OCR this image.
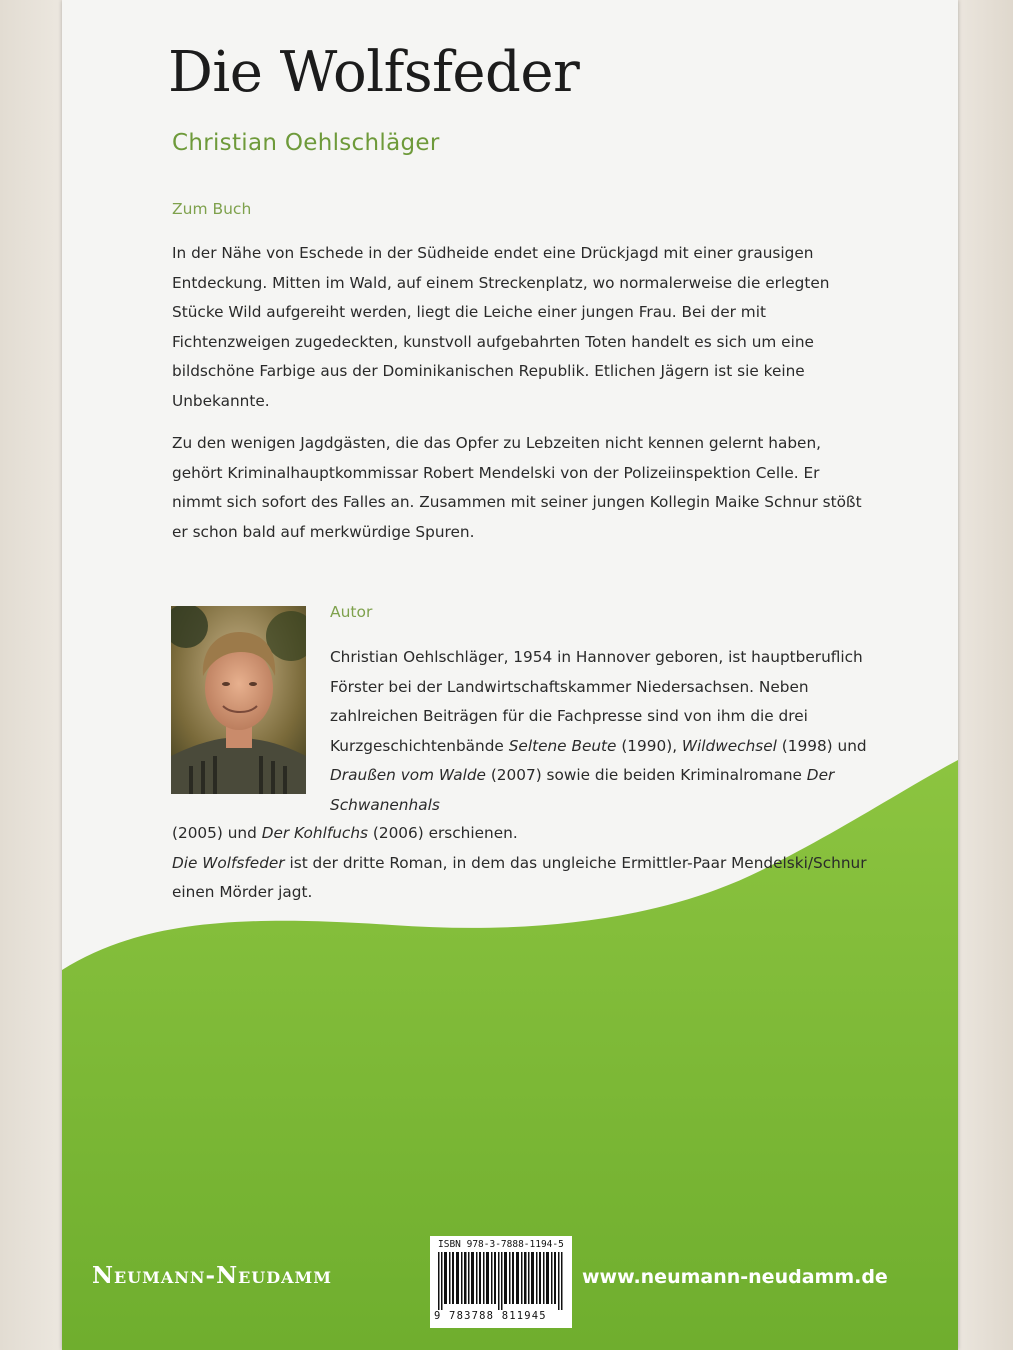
Die Wolfsfeder
Christian Oehlschläger
Zum Buch

In der Nähe von Eschede in der Südheide endet eine Drückjagd mit einer grausigen Entdeckung. Mitten im Wald, auf einem Streckenplatz, wo normalerweise die erlegten Stücke Wild aufgereiht werden, liegt die Leiche einer jungen Frau. Bei der mit Fichtenzweigen zugedeckten, kunstvoll aufgebahrten Toten handelt es sich um eine bildschöne Farbige aus der Dominikanischen Republik. Etlichen Jägern ist sie keine Unbekannte.

Zu den wenigen Jagdgästen, die das Opfer zu Lebzeiten nicht kennen gelernt haben, gehört Kriminalhauptkommissar Robert Mendelski von der Polizeiinspektion Celle. Er nimmt sich sofort des Falles an. Zusammen mit seiner jungen Kollegin Maike Schnur stößt er schon bald auf merkwürdige Spuren.

Autor

Christian Oehlschläger, 1954 in Hannover geboren, ist hauptberuflich Förster bei der Landwirtschaftskammer Niedersachsen. Neben zahlreichen Beiträgen für die Fachpresse sind von ihm die drei Kurzgeschichtenbände Seltene Beute (1990), Wildwechsel (1998) und Draußen vom Walde (2007) sowie die beiden Kriminalromane Der Schwanenhals

(2005) und Der Kohlfuchs (2006) erschienen.
Die Wolfsfeder ist der dritte Roman, in dem das ungleiche Ermittler-Paar Mendelski/Schnur einen Mörder jagt.

Neumann-Neudamm
ISBN 978-3-7888-1194-5
9 783788 811945
www.neumann-neudamm.de
